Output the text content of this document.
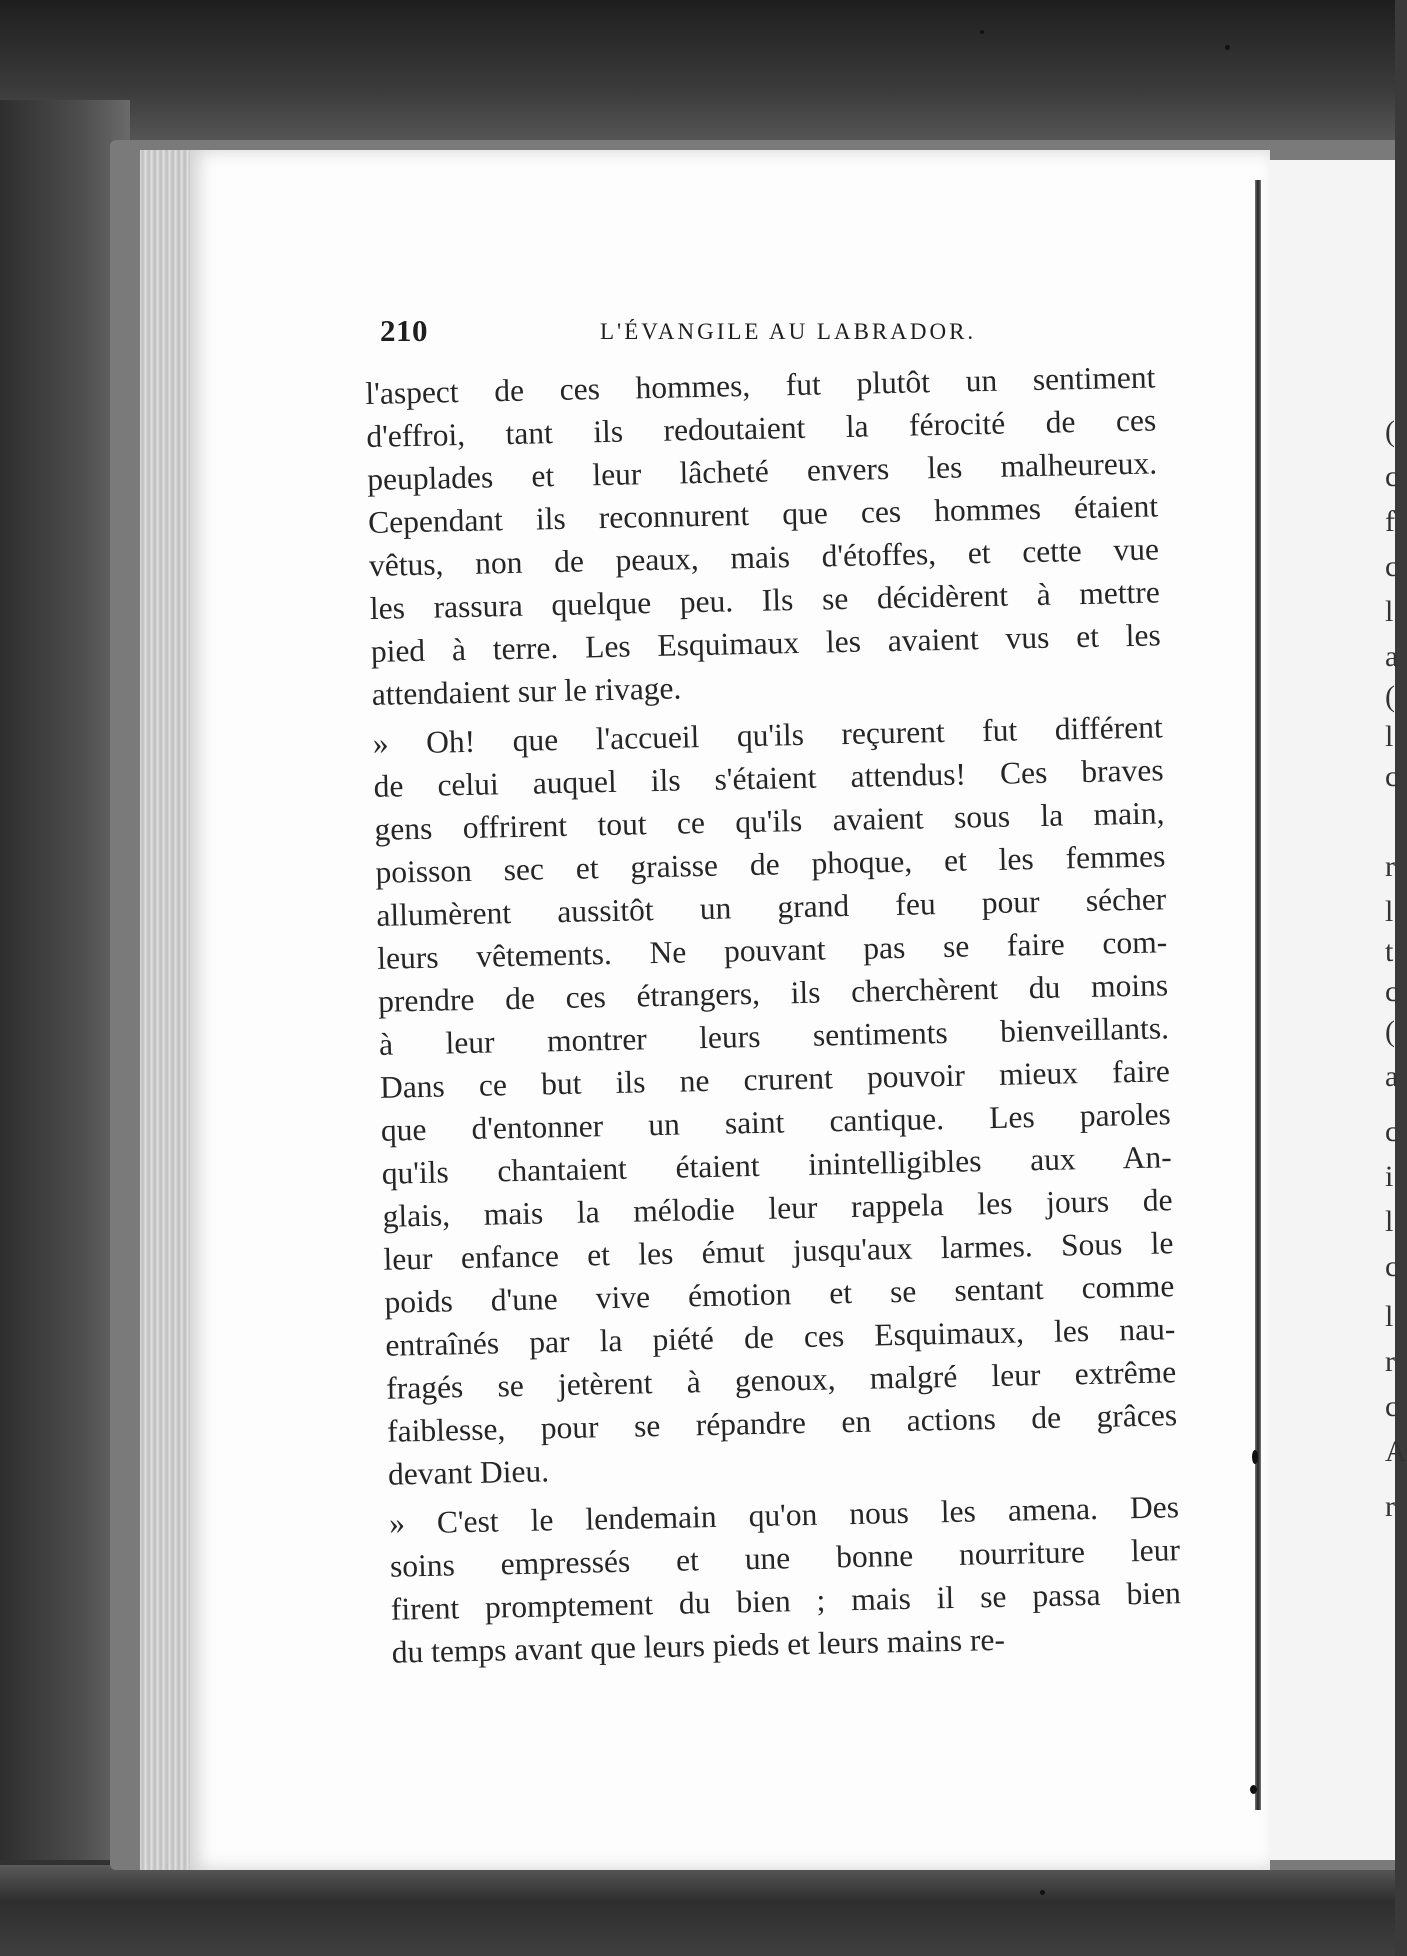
(
c
f
c
l
a
(
l
c
r
l
t
c
(
a
c
i
l
c
l
r
c
A
r
210	L'ÉVANGILE AU LABRADOR.
l'aspect de ces hommes, fut plutôt un sentiment
d'effroi, tant ils redoutaient la férocité de ces
peuplades et leur lâcheté envers les malheureux.
Cependant ils reconnurent que ces hommes étaient
vêtus, non de peaux, mais d'étoffes, et cette vue
les rassura quelque peu. Ils se décidèrent à mettre
pied à terre. Les Esquimaux les avaient vus et les
attendaient sur le rivage.
» Oh! que l'accueil qu'ils reçurent fut différent
de celui auquel ils s'étaient attendus! Ces braves
gens offrirent tout ce qu'ils avaient sous la main,
poisson sec et graisse de phoque, et les femmes
allumèrent aussitôt un grand feu pour sécher
leurs vêtements. Ne pouvant pas se faire com-
prendre de ces étrangers, ils cherchèrent du moins
à leur montrer leurs sentiments bienveillants.
Dans ce but ils ne crurent pouvoir mieux faire
que d'entonner un saint cantique. Les paroles
qu'ils chantaient étaient inintelligibles aux An-
glais, mais la mélodie leur rappela les jours de
leur enfance et les émut jusqu'aux larmes. Sous le
poids d'une vive émotion et se sentant comme
entraînés par la piété de ces Esquimaux, les nau-
fragés se jetèrent à genoux, malgré leur extrême
faiblesse, pour se répandre en actions de grâces
devant Dieu.
» C'est le lendemain qu'on nous les amena. Des
soins empressés et une bonne nourriture leur
firent promptement du bien ; mais il se passa bien
du temps avant que leurs pieds et leurs mains re-
